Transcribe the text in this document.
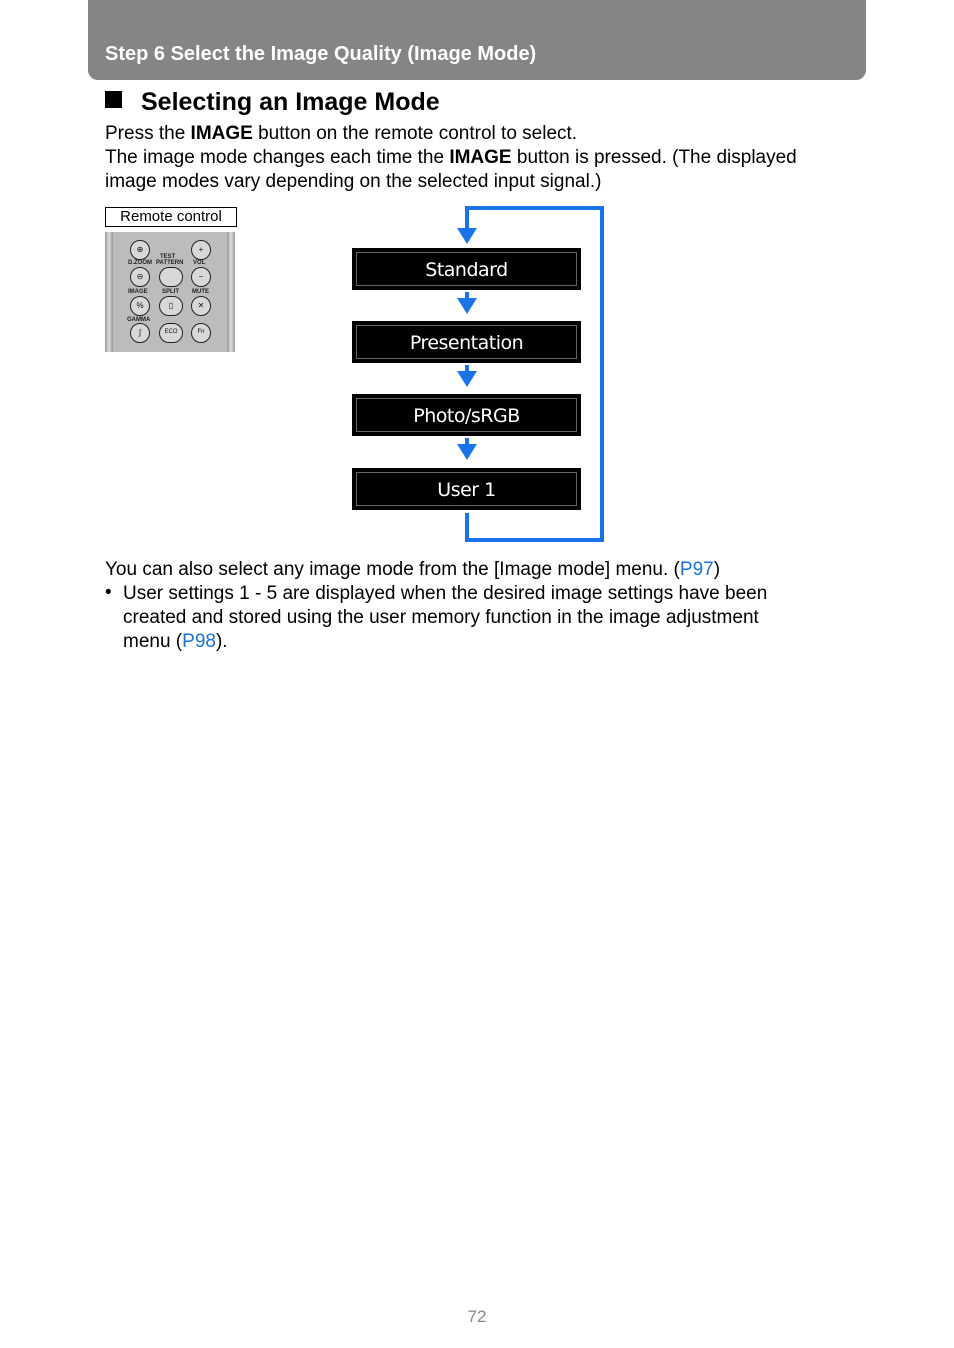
Step 6 Select the Image Quality (Image Mode)
Selecting an Image Mode
Press the IMAGE button on the remote control to select.
The image mode changes each time the IMAGE button is pressed. (The displayed
image modes vary depending on the selected input signal.)
Remote control
⊕
TEST
+
D.ZOOM PATTERN VOL
⊖	−
IMAGE SPLIT MUTE
%	▯	✕
GAMMA
∫	ECO	Fn
Standard
Presentation
Photo/sRGB
User 1
You can also select any image mode from the [Image mode] menu. (P97)
• User settings 1 - 5 are displayed when the desired image settings have been
created and stored using the user memory function in the image adjustment
menu (P98).
72
